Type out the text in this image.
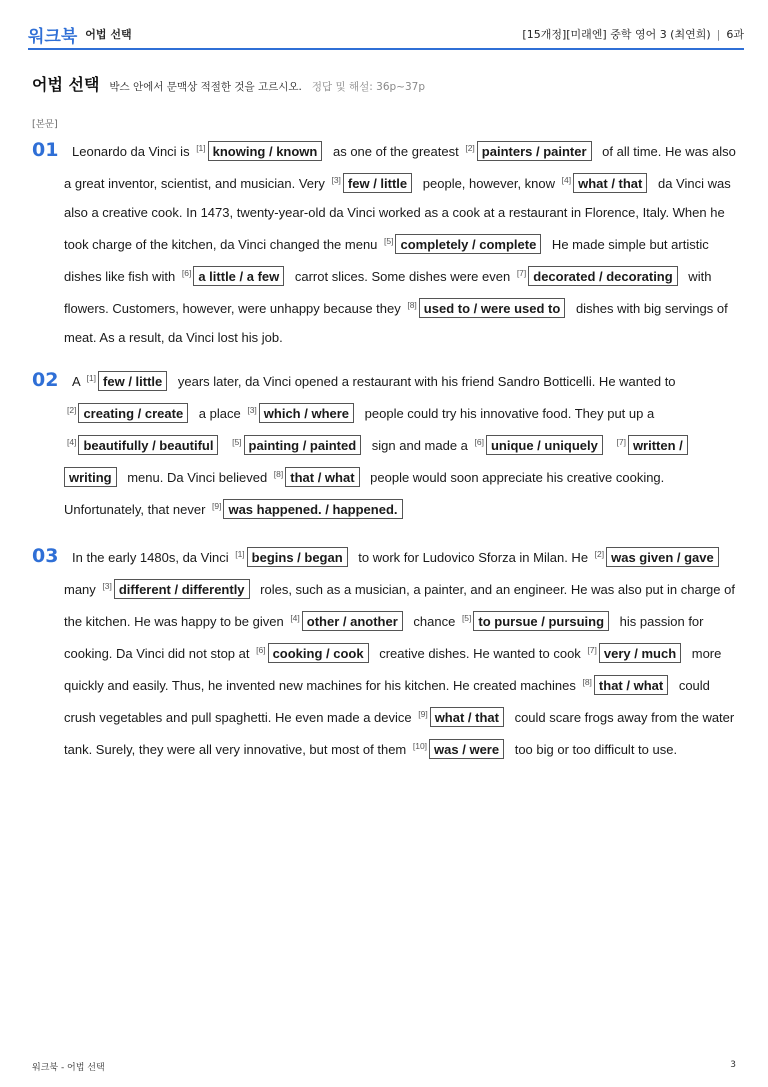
워크북 어법 선택	[15개정][미래엔] 중학 영어 3 (최연희) | 6과
어법 선택 박스 안에서 문맥상 적절한 것을 고르시오. 정답 및 해설: 36p~37p
[본문]
01	Leonardo da Vinci is [1] knowing / known as one of the greatest [2] painters / painter of all time. He was also a great inventor, scientist, and musician. Very [3] few / little people, however, know [4] what / that da Vinci was also a creative cook. In 1473, twenty-year-old da Vinci worked as a cook at a restaurant in Florence, Italy. When he took charge of the kitchen, da Vinci changed the menu [5] completely / complete He made simple but artistic dishes like fish with [6] a little / a few carrot slices. Some dishes were even [7] decorated / decorating with flowers. Customers, however, were unhappy because they [8] used to / were used to dishes with big servings of meat. As a result, da Vinci lost his job.
02	A [1] few / little years later, da Vinci opened a restaurant with his friend Sandro Botticelli. He wanted to [2] creating / create a place [3] which / where people could try his innovative food. They put up a [4] beautifully / beautiful [5] painting / painted sign and made a [6] unique / uniquely [7] written / writing menu. Da Vinci believed [8] that / what people would soon appreciate his creative cooking. Unfortunately, that never [9] was happened. / happened.
03	In the early 1480s, da Vinci [1] begins / began to work for Ludovico Sforza in Milan. He [2] was given / gave many [3] different / differently roles, such as a musician, a painter, and an engineer. He was also put in charge of the kitchen. He was happy to be given [4] other / another chance [5] to pursue / pursuing his passion for cooking. Da Vinci did not stop at [6] cooking / cook creative dishes. He wanted to cook [7] very / much more quickly and easily. Thus, he invented new machines for his kitchen. He created machines [8] that / what could crush vegetables and pull spaghetti. He even made a device [9] what / that could scare frogs away from the water tank. Surely, they were all very innovative, but most of them [10] was / were too big or too difficult to use.
워크북 - 어법 선택	3
